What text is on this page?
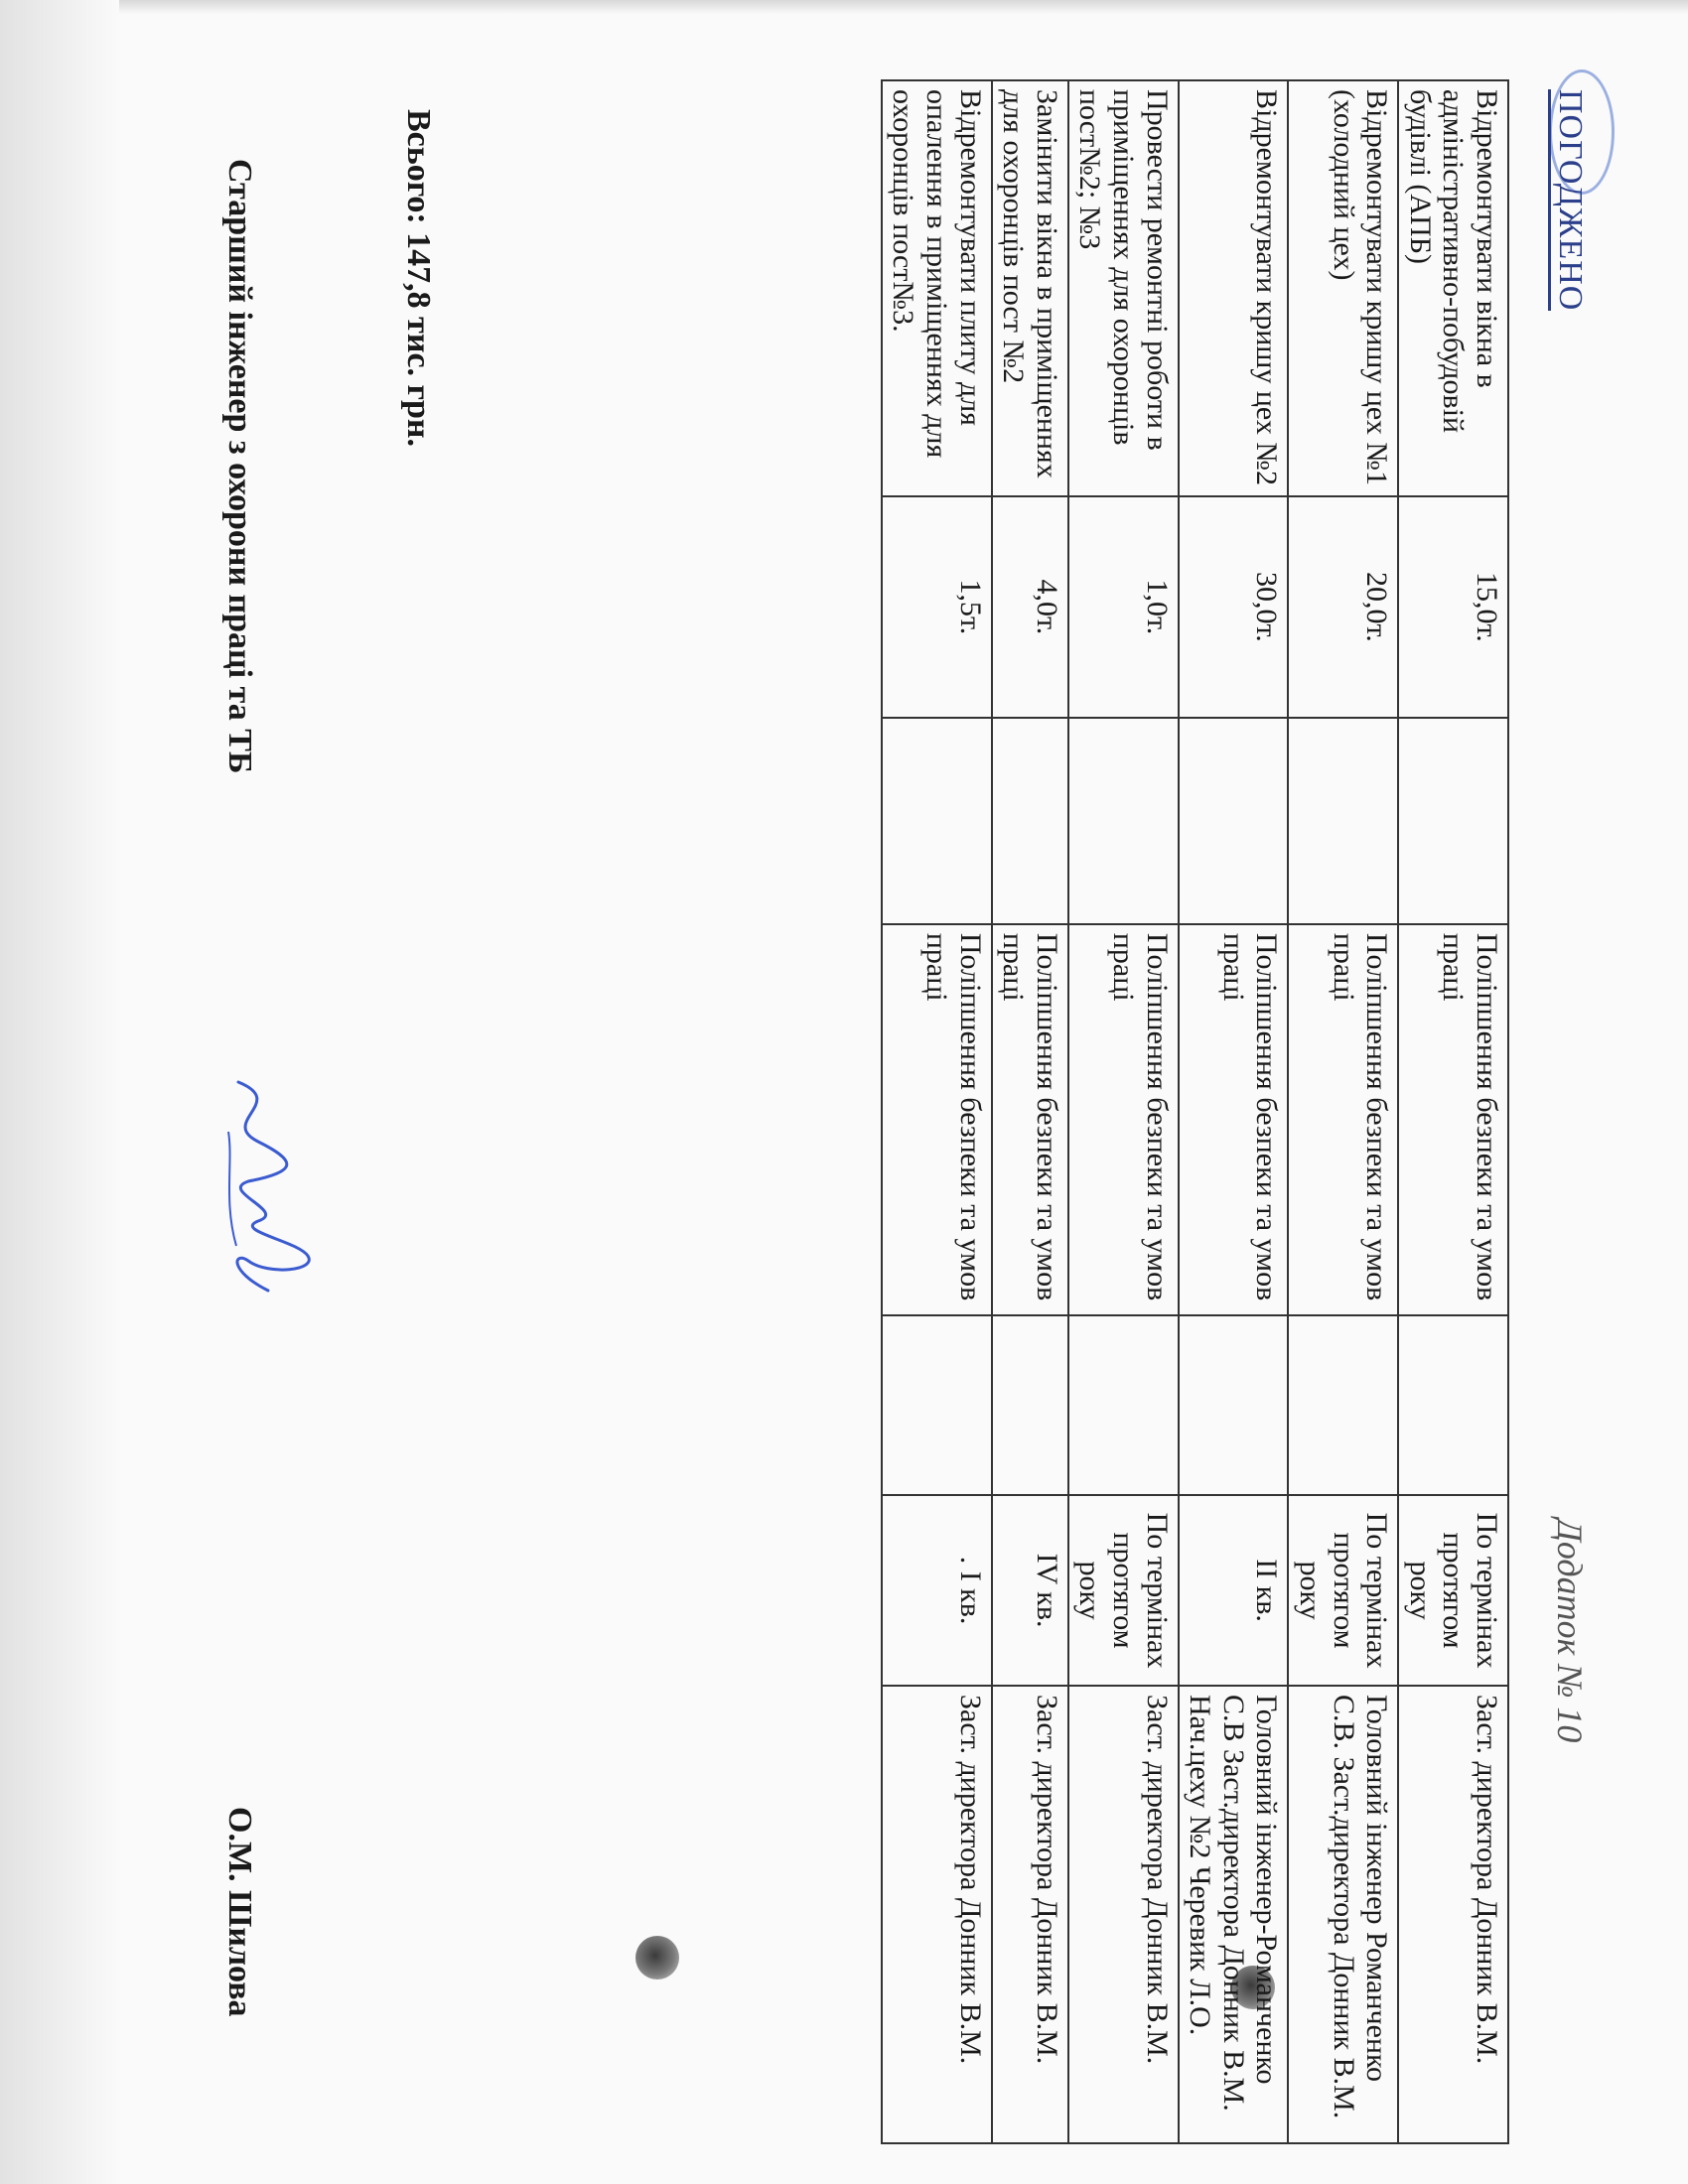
ПОГОДЖЕНО
Додаток № 10
Відремонтувати вікна в адміністративно-побудовій будівлі (АПБ)	15,0т.		Поліпшення безпеки та умов праці		По термінах протягом року	Заст. директора Донник В.М.
Відремонтувати кришу цех №1 (холодний цех)	20,0т.		Поліпшення безпеки та умов праці		По термінах протягом року	Головний інженер Романченко С.В. Заст.директора Донник В.М.
Відремонтувати кришу цех №2	30,0т.		Поліпшення безпеки та умов праці		II кв.	Головний інженер-Романченко С.В Заст.директора Донник В.М. Нач.цеху №2 Черевик Л.О.
Провести ремонтні роботи в приміщеннях для охоронців пост№2; №3	1,0т.		Поліпшення безпеки та умов праці		По термінах протягом року	Заст. директора Донник В.М.
Замінити вікна в приміщеннях для охоронців пост №2	4,0т.		Поліпшення безпеки та умов праці		IV кв.	Заст. директора Донник В.М.
Відремонтувати плиту для опалення в приміщеннях для охоронців пост№3.	1,5т.		Поліпшення безпеки та умов праці		. I кв.	Заст. директора Донник В.М.
Всього: 147,8 тис. грн.
Старший інженер з охорони праці та ТБ
О.М. Шилова
